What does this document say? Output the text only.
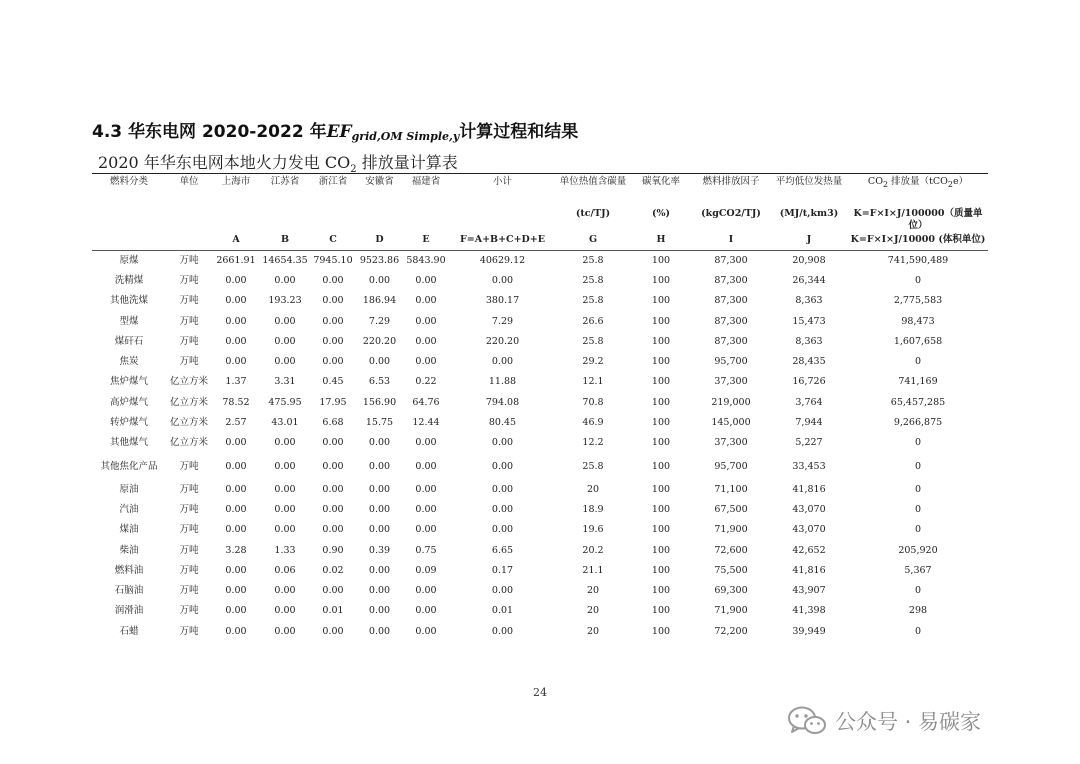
4.3 华东电网 2020-2022 年EFgrid,OM Simple,y计算过程和结果
2020 年华东电网本地火力发电 $CO_2$ 排放量计算表
燃料分类	单位	上海市	江苏省	浙江省	安徽省	福建省	小计	单位热值含碳量	碳氧化率	燃料排放因子	平均低位发热量	$CO_2$ 排放量（tCO$_2$e）
								(tc/TJ)	(%)	(kgCO2/TJ)	(MJ/t,km3)	K=F×I×J/100000（质量单位）
		A	B	C	D	E	F=A+B+C+D+E	G	H	I	J	K=F×I×J/10000 (体积单位)
原煤	万吨	2661.91	14654.35	7945.10	9523.86	5843.90	40629.12	25.8	100	87,300	20,908	741,590,489
洗精煤	万吨	0.00	0.00	0.00	0.00	0.00	0.00	25.8	100	87,300	26,344	0
其他洗煤	万吨	0.00	193.23	0.00	186.94	0.00	380.17	25.8	100	87,300	8,363	2,775,583
型煤	万吨	0.00	0.00	0.00	7.29	0.00	7.29	26.6	100	87,300	15,473	98,473
煤矸石	万吨	0.00	0.00	0.00	220.20	0.00	220.20	25.8	100	87,300	8,363	1,607,658
焦炭	万吨	0.00	0.00	0.00	0.00	0.00	0.00	29.2	100	95,700	28,435	0
焦炉煤气	亿立方米	1.37	3.31	0.45	6.53	0.22	11.88	12.1	100	37,300	16,726	741,169
高炉煤气	亿立方米	78.52	475.95	17.95	156.90	64.76	794.08	70.8	100	219,000	3,764	65,457,285
转炉煤气	亿立方米	2.57	43.01	6.68	15.75	12.44	80.45	46.9	100	145,000	7,944	9,266,875
其他煤气	亿立方米	0.00	0.00	0.00	0.00	0.00	0.00	12.2	100	37,300	5,227	0
其他焦化产品	万吨	0.00	0.00	0.00	0.00	0.00	0.00	25.8	100	95,700	33,453	0
原油	万吨	0.00	0.00	0.00	0.00	0.00	0.00	20	100	71,100	41,816	0
汽油	万吨	0.00	0.00	0.00	0.00	0.00	0.00	18.9	100	67,500	43,070	0
煤油	万吨	0.00	0.00	0.00	0.00	0.00	0.00	19.6	100	71,900	43,070	0
柴油	万吨	3.28	1.33	0.90	0.39	0.75	6.65	20.2	100	72,600	42,652	205,920
燃料油	万吨	0.00	0.06	0.02	0.00	0.09	0.17	21.1	100	75,500	41,816	5,367
石脑油	万吨	0.00	0.00	0.00	0.00	0.00	0.00	20	100	69,300	43,907	0
润滑油	万吨	0.00	0.00	0.01	0.00	0.00	0.01	20	100	71,900	41,398	298
石蜡	万吨	0.00	0.00	0.00	0.00	0.00	0.00	20	100	72,200	39,949	0
24
公众号 · 易碳家
